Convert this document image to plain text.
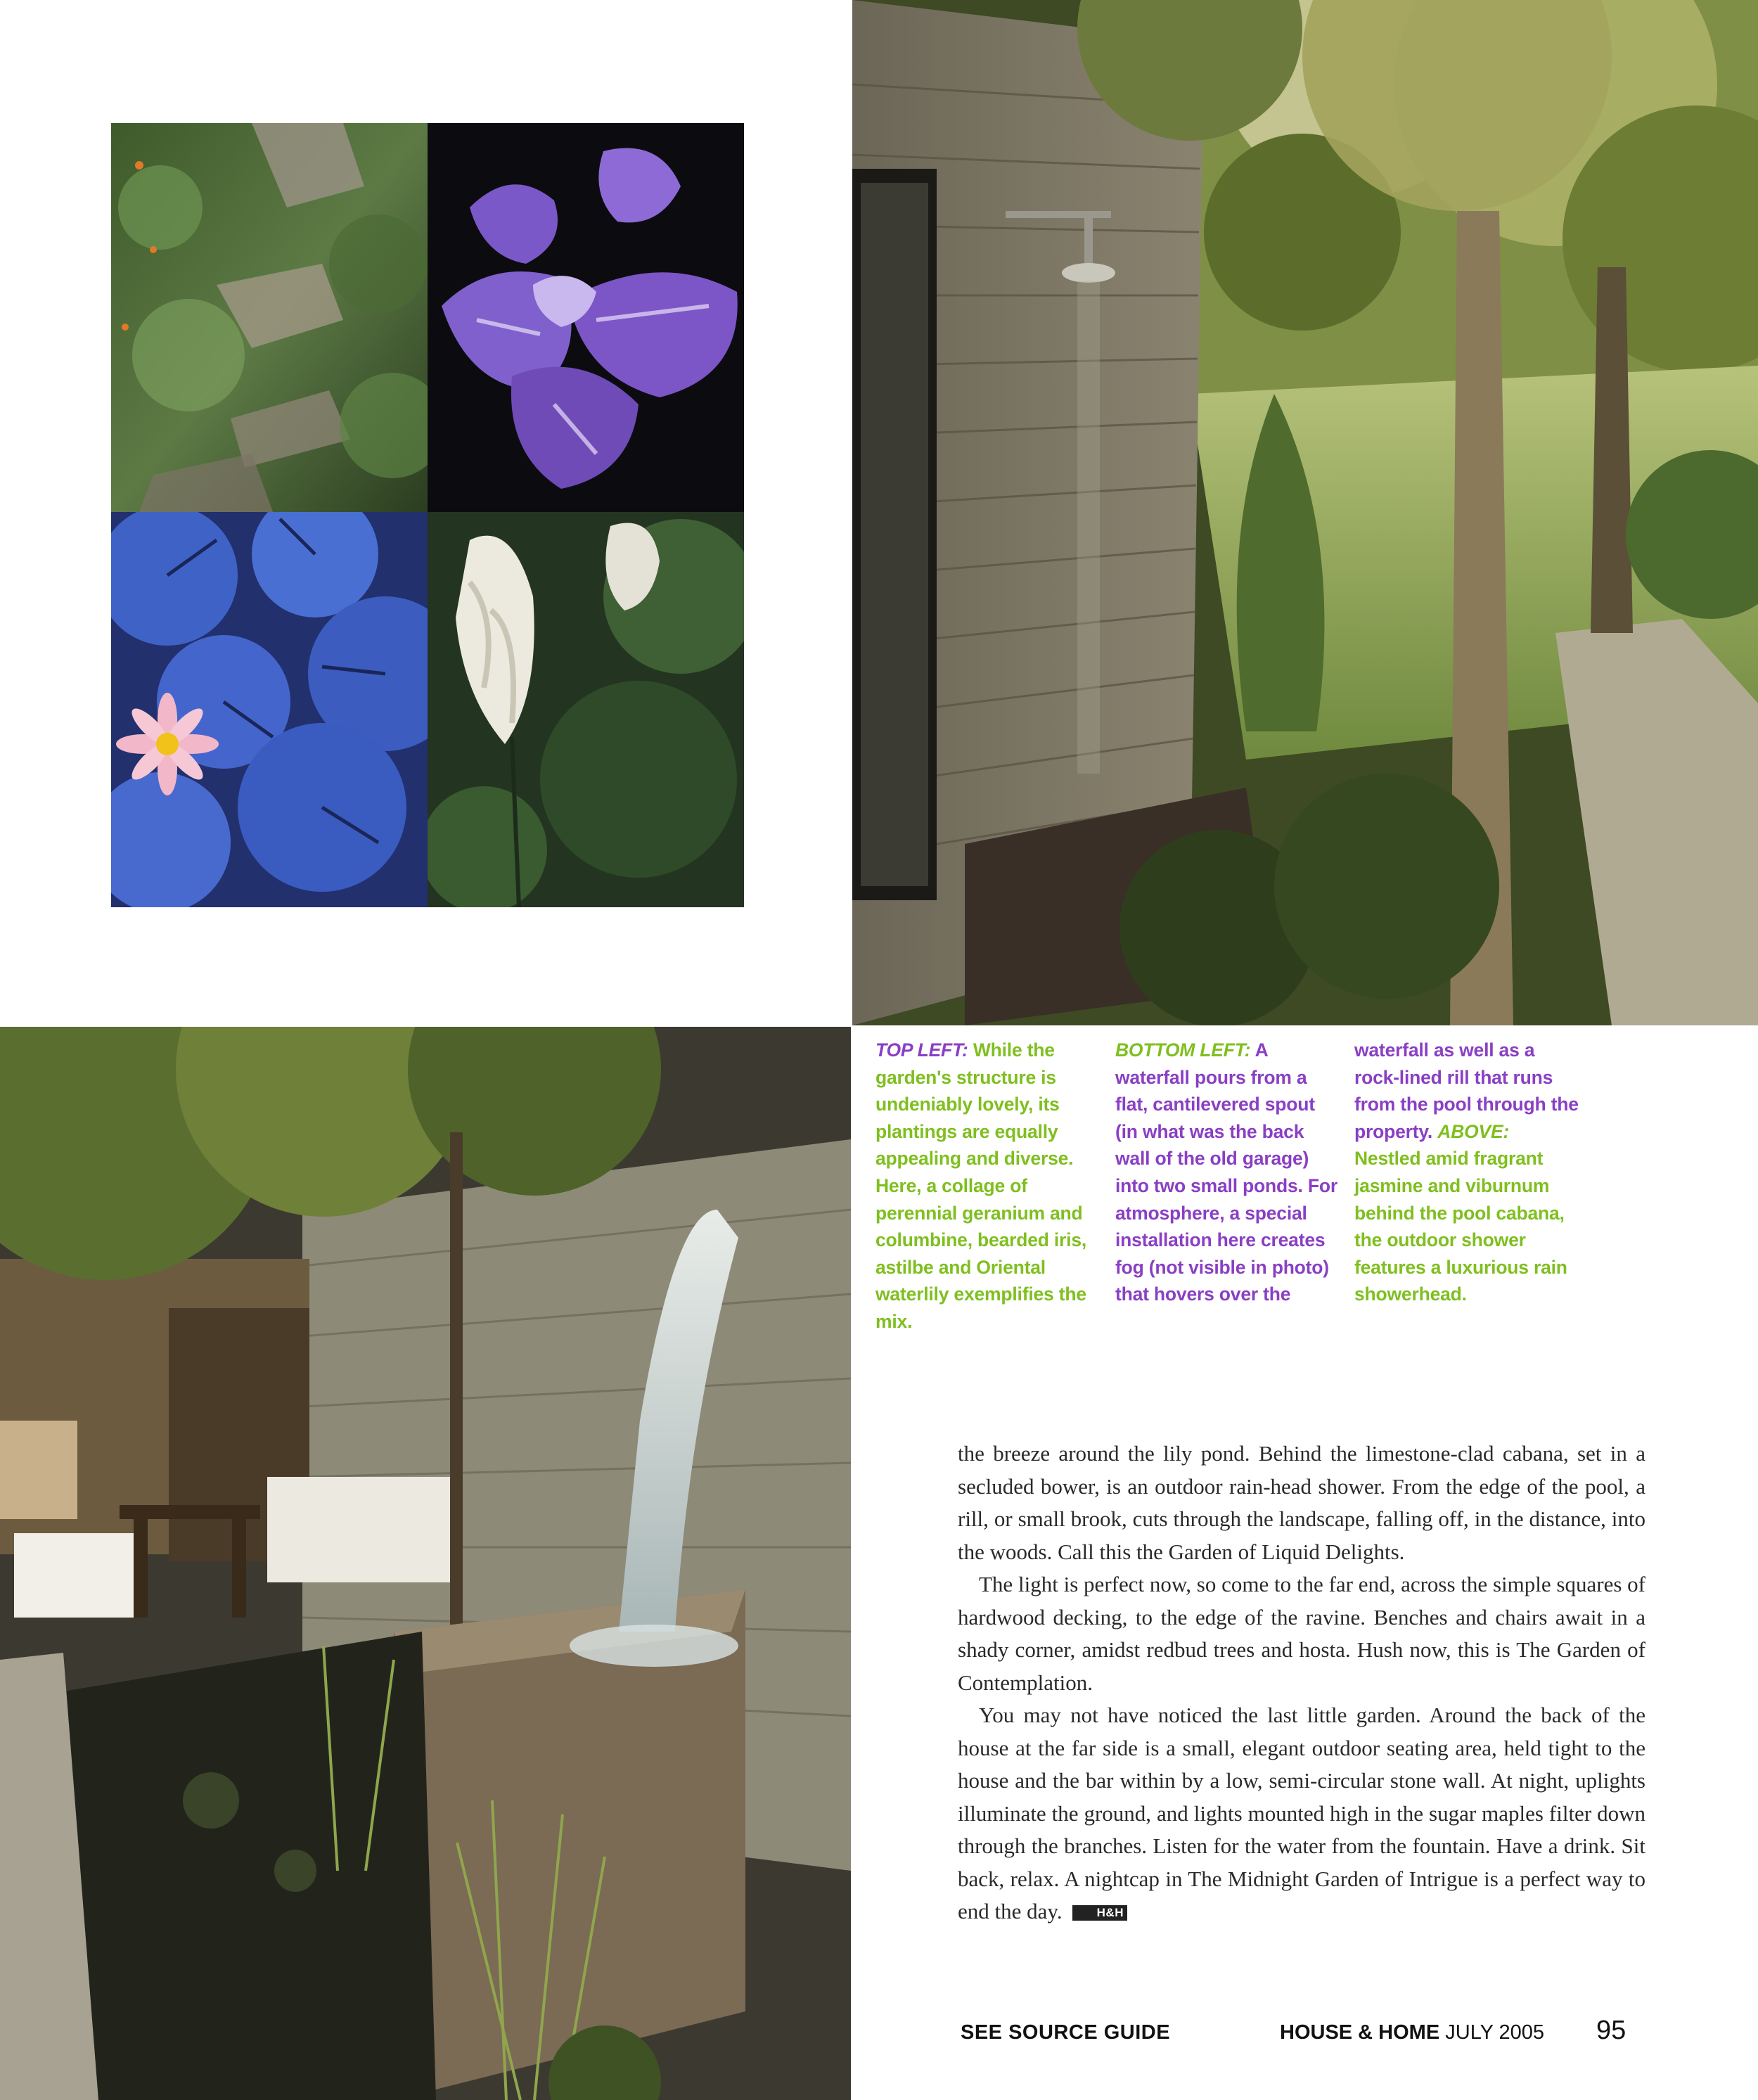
TOP LEFT: While the garden's structure is undeniably lovely, its plantings are equally appealing and diverse. Here, a collage of perennial geranium and columbine, bearded iris, astilbe and Oriental waterlily exemplifies the mix.

BOTTOM LEFT: A waterfall pours from a flat, cantilevered spout (in what was the back wall of the old garage) into two small ponds. For atmosphere, a special installation here creates fog (not visible in photo) that hovers over the

waterfall as well as a rock-lined rill that runs from the pool through the property. ABOVE: Nestled amid fragrant jasmine and viburnum behind the pool cabana, the outdoor shower features a luxurious rain showerhead.

the breeze around the lily pond. Behind the limestone-clad cabana, set in a secluded bower, is an outdoor rain-head shower. From the edge of the pool, a rill, or small brook, cuts through the landscape, falling off, in the distance, into the woods. Call this the Garden of Liquid Delights.

The light is perfect now, so come to the far end, across the simple squares of hardwood decking, to the edge of the ravine. Benches and chairs await in a shady corner, amidst redbud trees and hosta. Hush now, this is The Garden of Contemplation.

You may not have noticed the last little garden. Around the back of the house at the far side is a small, elegant outdoor seating area, held tight to the house and the bar within by a low, semi-circular stone wall. At night, uplights illuminate the ground, and lights mounted high in the sugar maples filter down through the branches. Listen for the water from the fountain. Have a drink. Sit back, relax. A nightcap in The Midnight Garden of Intrigue is a perfect way to end the day.	H&H

SEE SOURCE GUIDE	HOUSE & HOME JULY 2005 95
